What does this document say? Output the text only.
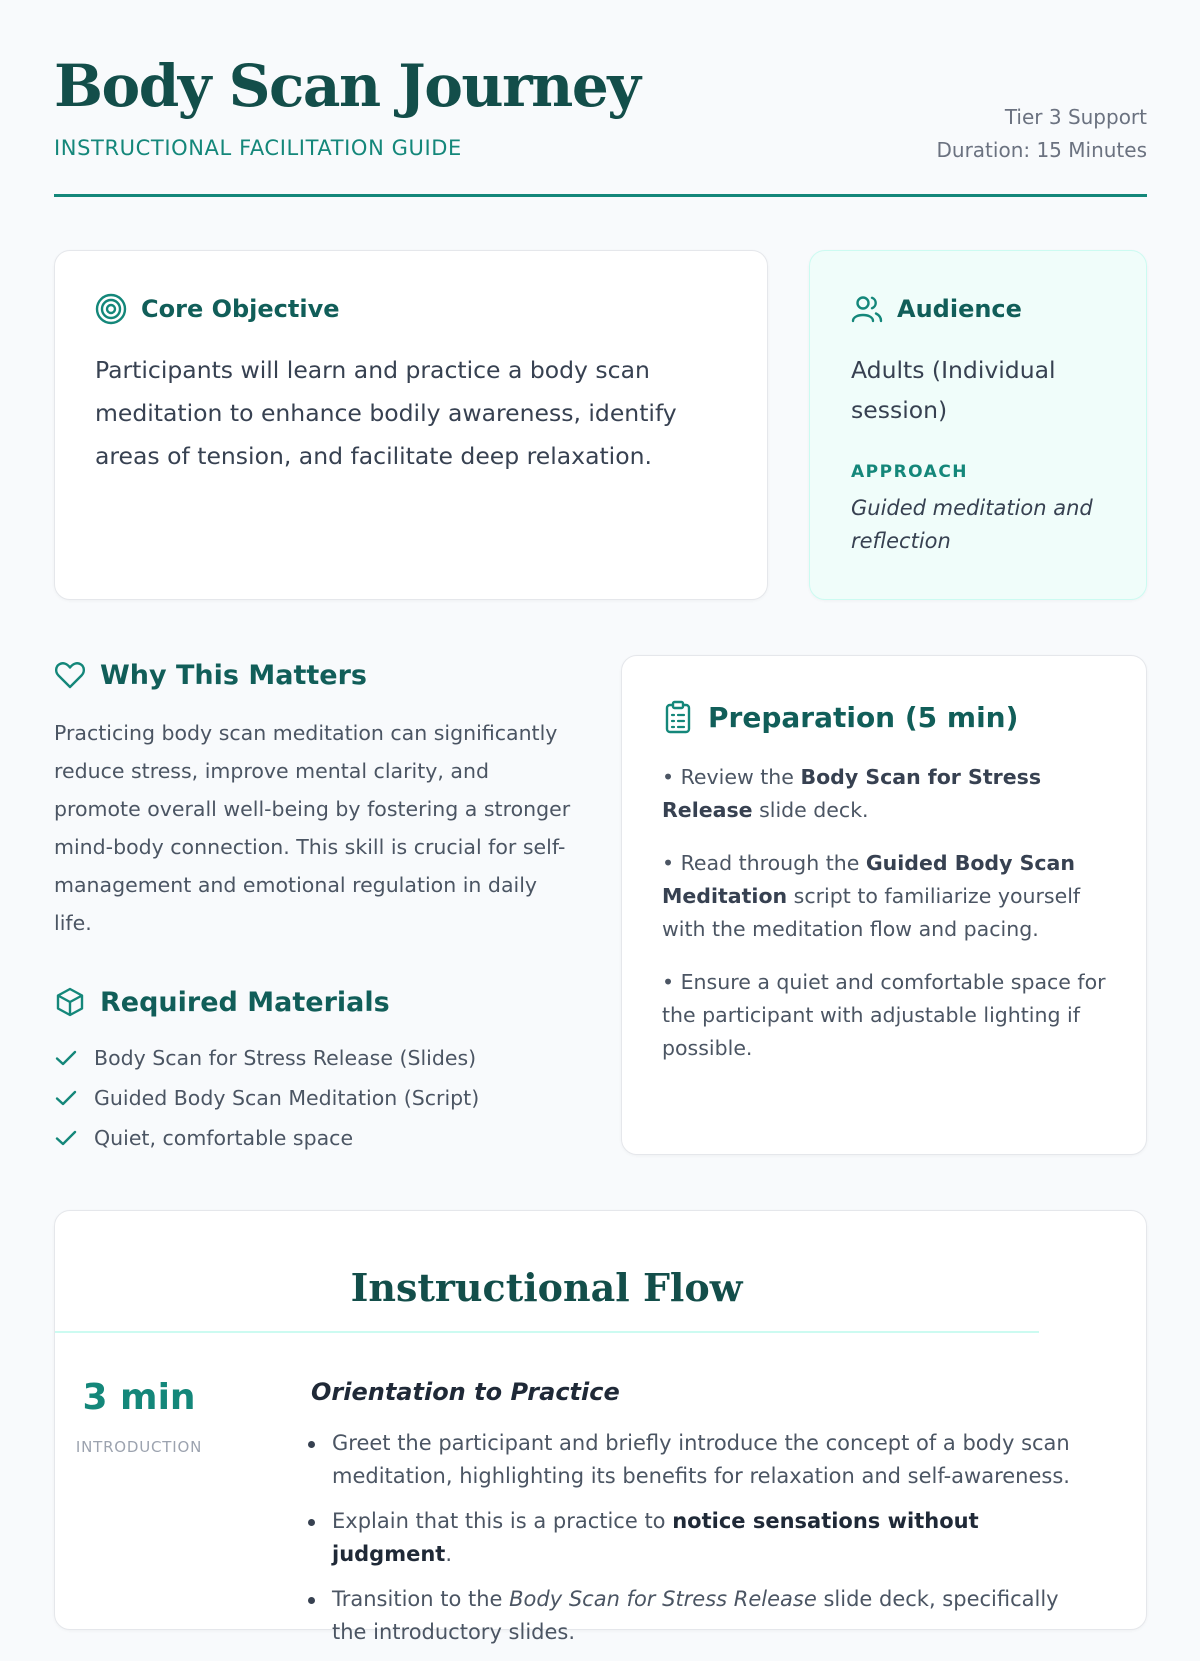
Body Scan Journey
INSTRUCTIONAL FACILITATION GUIDE
Tier 3 Support
Duration: 15 Minutes
Core Objective

Participants will learn and practice a body scan meditation to enhance bodily awareness, identify areas of tension, and facilitate deep relaxation.

Audience

Adults (Individual session)

APPROACH

Guided meditation and reflection

Why This Matters

Practicing body scan meditation can significantly reduce stress, improve mental clarity, and promote overall well-being by fostering a stronger mind-body connection. This skill is crucial for self-management and emotional regulation in daily life.

Required Materials
Body Scan for Stress Release (Slides)
Guided Body Scan Meditation (Script)
Quiet, comfortable space
Preparation (5 min)
• Review the Body Scan for Stress Release slide deck.
• Read through the Guided Body Scan Meditation script to familiarize yourself with the meditation flow and pacing.
• Ensure a quiet and comfortable space for the participant with adjustable lighting if possible.
Instructional Flow
3 min
INTRODUCTION
Orientation to Practice
Greet the participant and briefly introduce the concept of a body scan meditation, highlighting its benefits for relaxation and self-awareness.
Explain that this is a practice to notice sensations without judgment.
Transition to the Body Scan for Stress Release slide deck, specifically the introductory slides.
